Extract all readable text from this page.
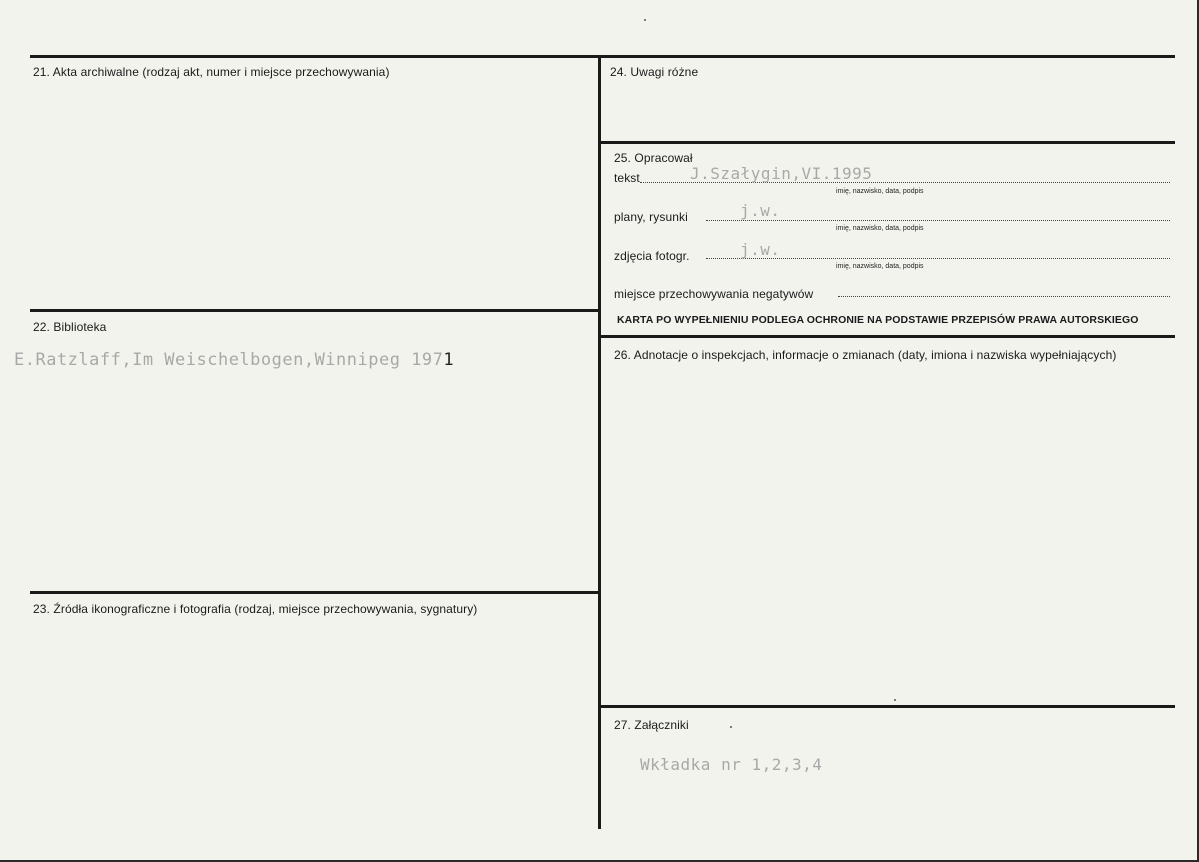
21. Akta archiwalne (rodzaj akt, numer i miejsce przechowywania)
22. Biblioteka
E.Ratzlaff,Im Weischelbogen,Winnipeg 1971
23. Źródła ikonograficzne i fotografia (rodzaj, miejsce przechowywania, sygnatury)
24. Uwagi różne
25. Opracował
tekst	J.Szałygin,VI.1995
imię, nazwisko, data, podpis
plany, rysunki	j.w.
imię, nazwisko, data, podpis
zdjęcia fotogr.	j.w.
imię, nazwisko, data, podpis
miejsce przechowywania negatywów
KARTA PO WYPEŁNIENIU PODLEGA OCHRONIE NA PODSTAWIE PRZEPISÓW PRAWA AUTORSKIEGO
26. Adnotacje o inspekcjach, informacje o zmianach (daty, imiona i nazwiska wypełniających)
27. Załączniki
Wkładka nr 1,2,3,4
